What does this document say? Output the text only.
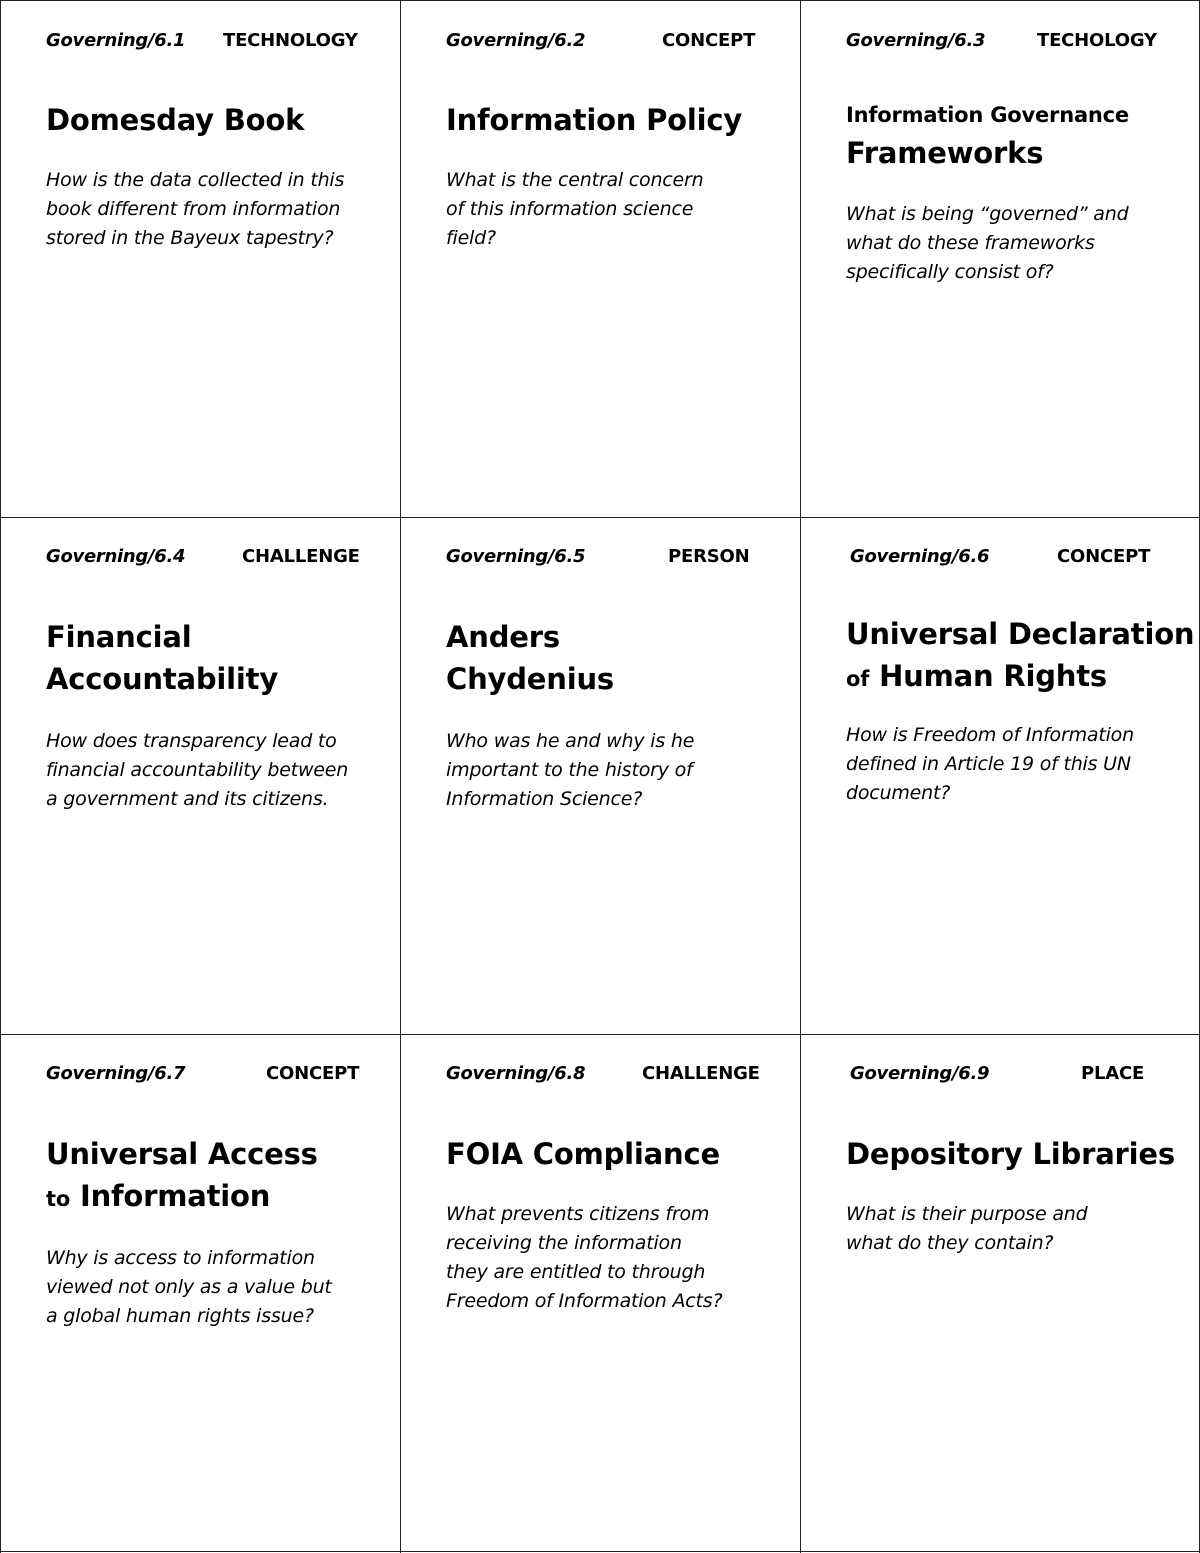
Governing/6.1 TECHNOLOGY
Domesday Book
How is the data collected in this
book different from information
stored in the Bayeux tapestry?
Governing/6.2	CONCEPT
Information Policy
What is the central concern
of this information science
field?
Governing/6.3	TECHOLOGY
Information Governance
Frameworks
What is being “governed” and
what do these frameworks
specifically consist of?
Governing/6.4	CHALLENGE
Financial
Accountability
How does transparency lead to
financial accountability between
a government and its citizens.
Governing/6.5	PERSON
Anders
Chydenius
Who was he and why is he
important to the history of
Information Science?
Governing/6.6	CONCEPT
Universal Declaration
of Human Rights
How is Freedom of Information
defined in Article 19 of this UN
document?
Governing/6.7	CONCEPT
Universal Access
to Information
Why is access to information
viewed not only as a value but
a global human rights issue?
Governing/6.8	CHALLENGE
FOIA Compliance
What prevents citizens from
receiving the information
they are entitled to through
Freedom of Information Acts?
Governing/6.9	PLACE
Depository Libraries
What is their purpose and
what do they contain?
